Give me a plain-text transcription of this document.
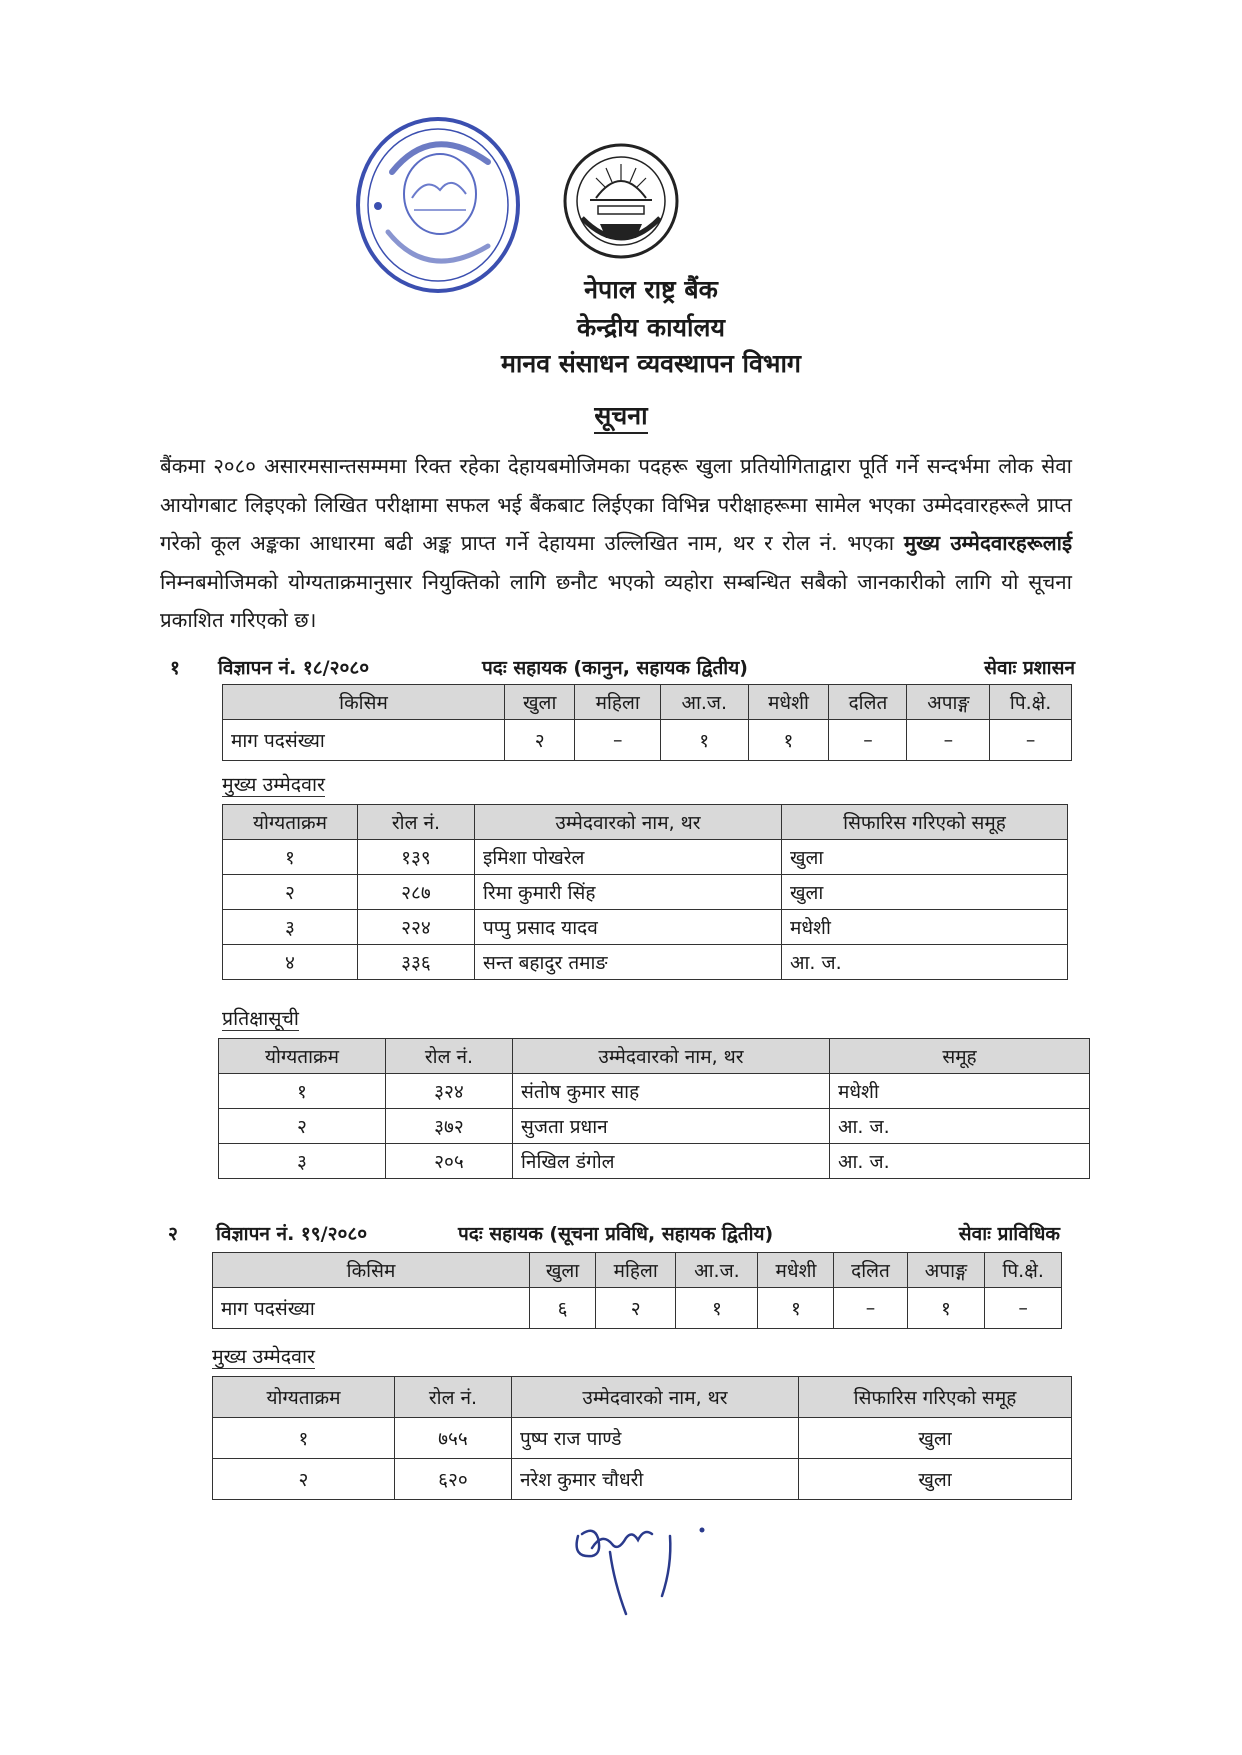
नेपाल राष्ट्र बैंक
केन्द्रीय कार्यालय
मानव संसाधन व्यवस्थापन विभाग
सूचना
बैंकमा २०८० असारमसान्तसम्ममा रिक्त रहेका देहायबमोजिमका पदहरू खुला प्रतियोगिताद्वारा पूर्ति गर्ने सन्दर्भमा लोक सेवा आयोगबाट लिइएको लिखित परीक्षामा सफल भई बैंकबाट लिईएका विभिन्न परीक्षाहरूमा सामेल भएका उम्मेदवारहरूले प्राप्त गरेको कूल अङ्कका आधारमा बढी अङ्क प्राप्त गर्ने देहायमा उल्लिखित नाम, थर र रोल नं. भएका मुख्य उम्मेदवारहरूलाई निम्नबमोजिमको योग्यताक्रमानुसार नियुक्तिको लागि छनौट भएको व्यहोरा सम्बन्धित सबैको जानकारीको लागि यो सूचना प्रकाशित गरिएको छ।
१ विज्ञापन नं. १८/२०८०	पदः सहायक (कानुन, सहायक द्वितीय)	सेवाः प्रशासन
किसिम	खुला	महिला	आ.ज.	मधेशी	दलित	अपाङ्ग	पि.क्षे.
माग पदसंख्या	२	–	१	१	–	–	–
मुख्य उम्मेदवार
योग्यताक्रम	रोल नं.	उम्मेदवारको नाम, थर	सिफारिस गरिएको समूह
१	१३९	इमिशा पोखरेल	खुला
२	२८७	रिमा कुमारी सिंह	खुला
३	२२४	पप्पु प्रसाद यादव	मधेशी
४	३३६	सन्त बहादुर तमाङ	आ. ज.
प्रतिक्षासूची
योग्यताक्रम	रोल नं.	उम्मेदवारको नाम, थर	समूह
१	३२४	संतोष कुमार साह	मधेशी
२	३७२	सुजता प्रधान	आ. ज.
३	२०५	निखिल डंगोल	आ. ज.
२ विज्ञापन नं. १९/२०८०	पदः सहायक (सूचना प्रविधि, सहायक द्वितीय)	सेवाः प्राविधिक
किसिम	खुला	महिला	आ.ज.	मधेशी	दलित	अपाङ्ग	पि.क्षे.
माग पदसंख्या	६	२	१	१	–	१	–
मुख्य उम्मेदवार
योग्यताक्रम	रोल नं.	उम्मेदवारको नाम, थर	सिफारिस गरिएको समूह
१	७५५	पुष्प राज पाण्डे	खुला
२	६२०	नरेश कुमार चौधरी	खुला
